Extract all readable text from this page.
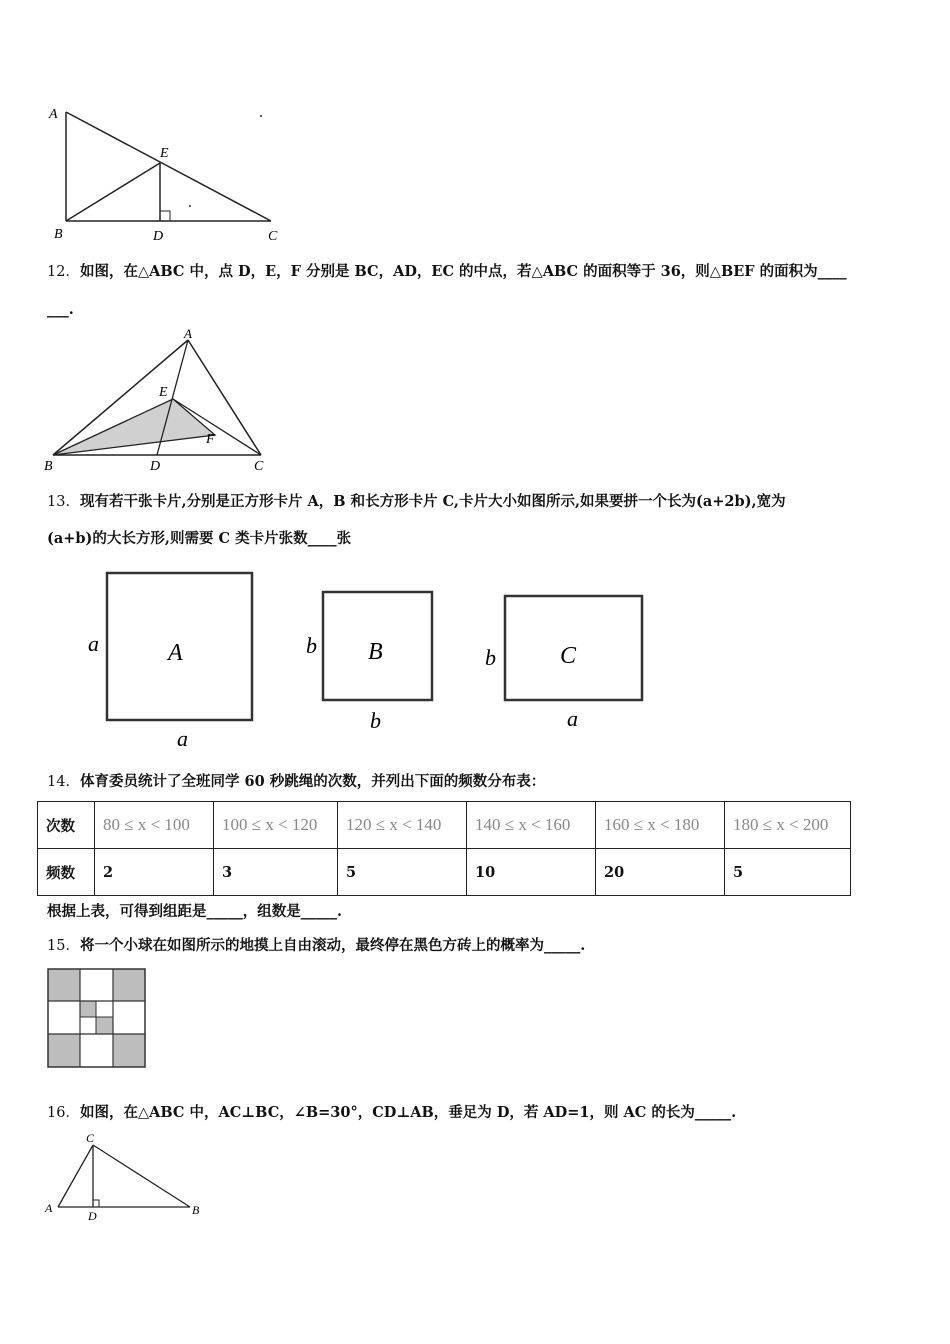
A
E
B	D	C
12．如图，在△ABC 中，点 D，E，F 分别是 BC，AD，EC 的中点，若△ABC 的面积等于 36，则△BEF 的面积为____
___.
A
E
F
B	D	C
13．现有若干张卡片,分别是正方形卡片 A，B 和长方形卡片 C,卡片大小如图所示,如果要拼一个长为(a+2b),宽为
(a+b)的大长方形,则需要 C 类卡片张数____张
A
a
a
B
b
b
C
b
a
14．体育委员统计了全班同学 60 秒跳绳的次数，并列出下面的频数分布表：
次数	80 ≤ x < 100	100 ≤ x < 120	120 ≤ x < 140	140 ≤ x < 160	160 ≤ x < 180	180 ≤ x < 200
频数	2	3	5	10	20	5
根据上表，可得到组距是_____，组数是_____.
15．将一个小球在如图所示的地摸上自由滚动，最终停在黑色方砖上的概率为_____.
16．如图，在△ABC 中，AC⊥BC，∠B=30°，CD⊥AB，垂足为 D，若 AD=1，则 AC 的长为_____.
C
A
D	B
